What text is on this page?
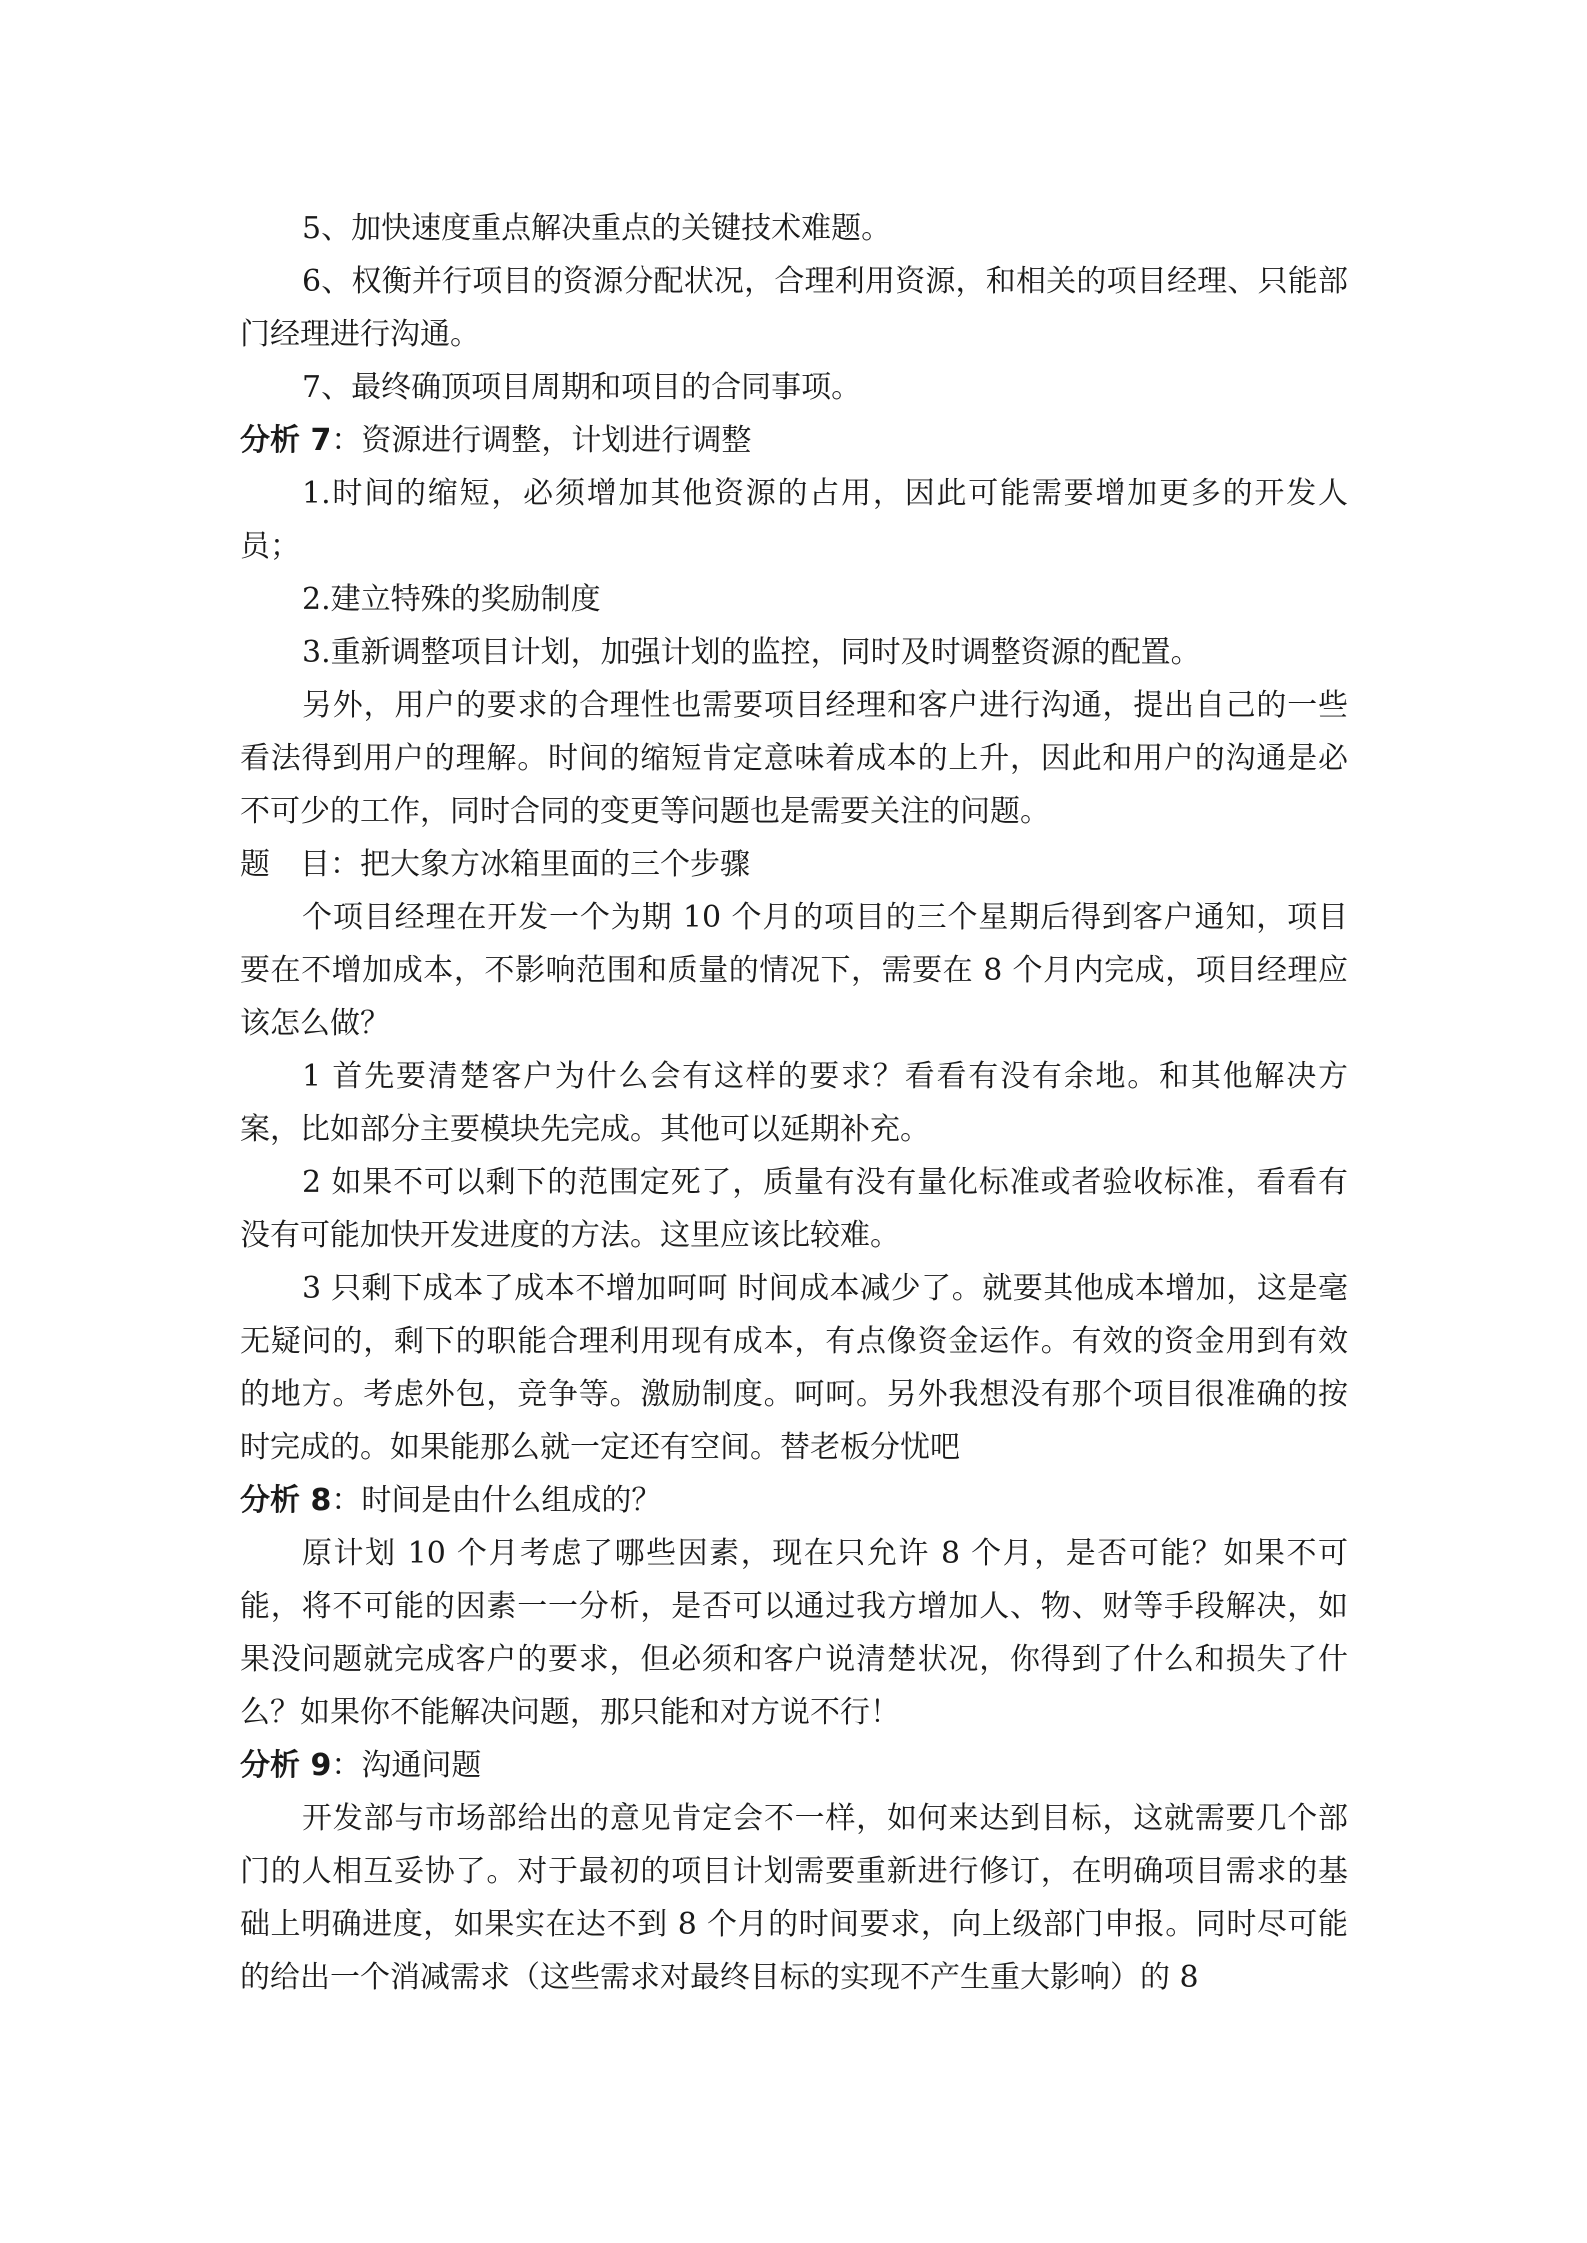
5、加快速度重点解决重点的关键技术难题。

6、权衡并行项目的资源分配状况，合理利用资源，和相关的项目经理、只能部门经理进行沟通。

7、最终确顶项目周期和项目的合同事项。

分析 7：资源进行调整，计划进行调整

1.时间的缩短，必须增加其他资源的占用，因此可能需要增加更多的开发人员；

2.建立特殊的奖励制度

3.重新调整项目计划，加强计划的监控，同时及时调整资源的配置。

另外，用户的要求的合理性也需要项目经理和客户进行沟通，提出自己的一些看法得到用户的理解。时间的缩短肯定意味着成本的上升，因此和用户的沟通是必不可少的工作，同时合同的变更等问题也是需要关注的问题。

题　目：把大象方冰箱里面的三个步骤

个项目经理在开发一个为期 10 个月的项目的三个星期后得到客户通知，项目要在不增加成本，不影响范围和质量的情况下，需要在 8 个月内完成，项目经理应该怎么做？

1 首先要清楚客户为什么会有这样的要求？看看有没有余地。和其他解决方案，比如部分主要模块先完成。其他可以延期补充。

2 如果不可以剩下的范围定死了，质量有没有量化标准或者验收标准，看看有没有可能加快开发进度的方法。这里应该比较难。

3 只剩下成本了成本不增加呵呵 时间成本减少了。就要其他成本增加，这是毫无疑问的，剩下的职能合理利用现有成本，有点像资金运作。有效的资金用到有效的地方。考虑外包，竞争等。激励制度。呵呵。另外我想没有那个项目很准确的按时完成的。如果能那么就一定还有空间。替老板分忧吧

分析 8：时间是由什么组成的？

原计划 10 个月考虑了哪些因素，现在只允许 8 个月，是否可能？如果不可能，将不可能的因素一一分析，是否可以通过我方增加人、物、财等手段解决，如果没问题就完成客户的要求，但必须和客户说清楚状况，你得到了什么和损失了什么？如果你不能解决问题，那只能和对方说不行！

分析 9：沟通问题

开发部与市场部给出的意见肯定会不一样，如何来达到目标，这就需要几个部门的人相互妥协了。对于最初的项目计划需要重新进行修订，在明确项目需求的基础上明确进度，如果实在达不到 8 个月的时间要求，向上级部门申报。同时尽可能的给出一个消减需求（这些需求对最终目标的实现不产生重大影响）的 8
